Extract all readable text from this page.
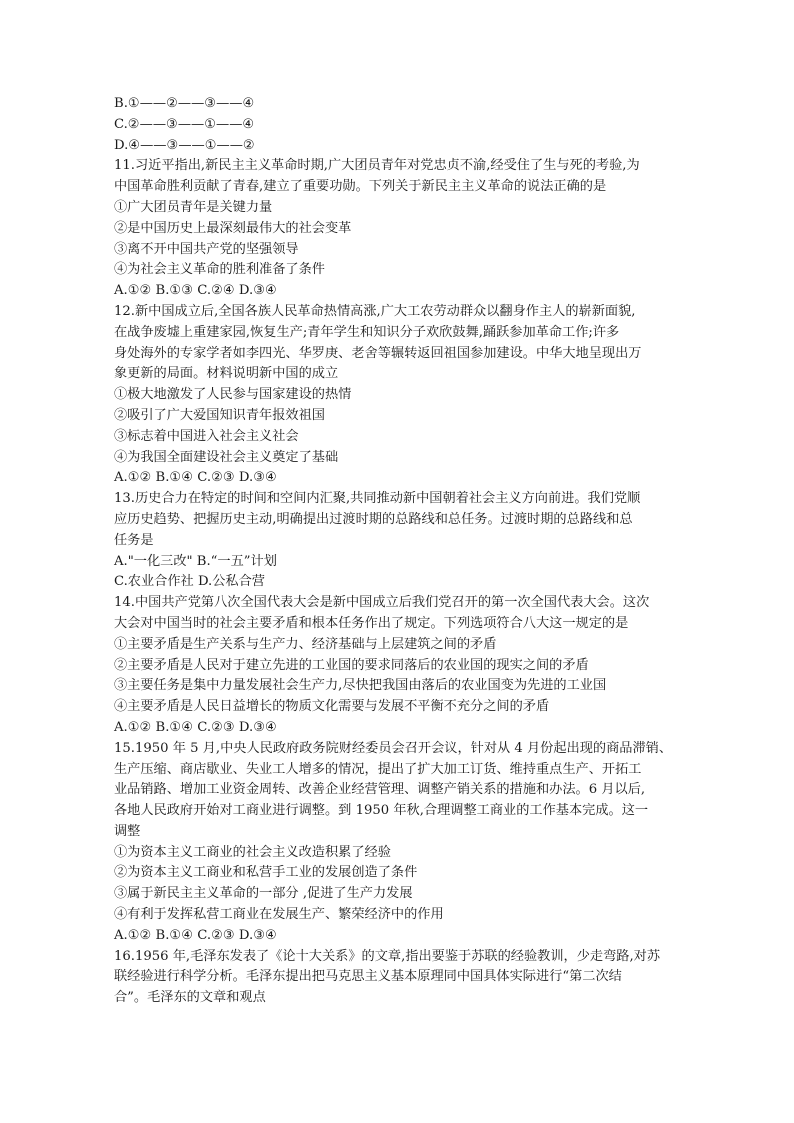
B.①——②——③——④
C.②——③——①——④
D.④——③——①——②
11.习近平指出,新民主主义革命时期,广大团员青年对党忠贞不渝,经受住了生与死的考验,为
中国革命胜利贡献了青春,建立了重要功勋。下列关于新民主主义革命的说法正确的是
①广大团员青年是关键力量
②是中国历史上最深刻最伟大的社会变革
③离不开中国共产党的坚强领导
④为社会主义革命的胜利准备了条件
A.①② B.①③ C.②④ D.③④
12.新中国成立后,全国各族人民革命热情高涨,广大工农劳动群众以翻身作主人的崭新面貌,
在战争废墟上重建家园,恢复生产;青年学生和知识分子欢欣鼓舞,踊跃参加革命工作;许多
身处海外的专家学者如李四光、华罗庚、老舍等辗转返回祖国参加建设。中华大地呈现出万
象更新的局面。材料说明新中国的成立
①极大地激发了人民参与国家建设的热情
②吸引了广大爱国知识青年报效祖国
③标志着中国进入社会主义社会
④为我国全面建设社会主义奠定了基础
A.①② B.①④ C.②③ D.③④
13.历史合力在特定的时间和空间内汇聚,共同推动新中国朝着社会主义方向前进。我们党顺
应历史趋势、把握历史主动,明确提出过渡时期的总路线和总任务。过渡时期的总路线和总
任务是
A."一化三改" B.“一五”计划
C.农业合作社 D.公私合营
14.中国共产党第八次全国代表大会是新中国成立后我们党召开的第一次全国代表大会。这次
大会对中国当时的社会主要矛盾和根本任务作出了规定。下列选项符合八大这一规定的是
①主要矛盾是生产关系与生产力、经济基础与上层建筑之间的矛盾
②主要矛盾是人民对于建立先进的工业国的要求同落后的农业国的现实之间的矛盾
③主要任务是集中力量发展社会生产力,尽快把我国由落后的农业国变为先进的工业国
④主要矛盾是人民日益增长的物质文化需要与发展不平衡不充分之间的矛盾
A.①② B.①④ C.②③ D.③④
15.1950 年 5 月,中央人民政府政务院财经委员会召开会议，针对从 4 月份起出现的商品滞销、
生产压缩、商店歇业、失业工人增多的情况，提出了扩大加工订货、维持重点生产、开拓工
业品销路、增加工业资金周转、改善企业经营管理、调整产销关系的措施和办法。6 月以后,
各地人民政府开始对工商业进行调整。到 1950 年秋,合理调整工商业的工作基本完成。这一
调整
①为资本主义工商业的社会主义改造积累了经验
②为资本主义工商业和私营手工业的发展创造了条件
③属于新民主主义革命的一部分 ,促进了生产力发展
④有利于发挥私营工商业在发展生产、繁荣经济中的作用
A.①② B.①④ C.②③ D.③④
16.1956 年,毛泽东发表了《论十大关系》的文章,指出要鉴于苏联的经验教训，少走弯路,对苏
联经验进行科学分析。毛泽东提出把马克思主义基本原理同中国具体实际进行“第二次结
合”。毛泽东的文章和观点
